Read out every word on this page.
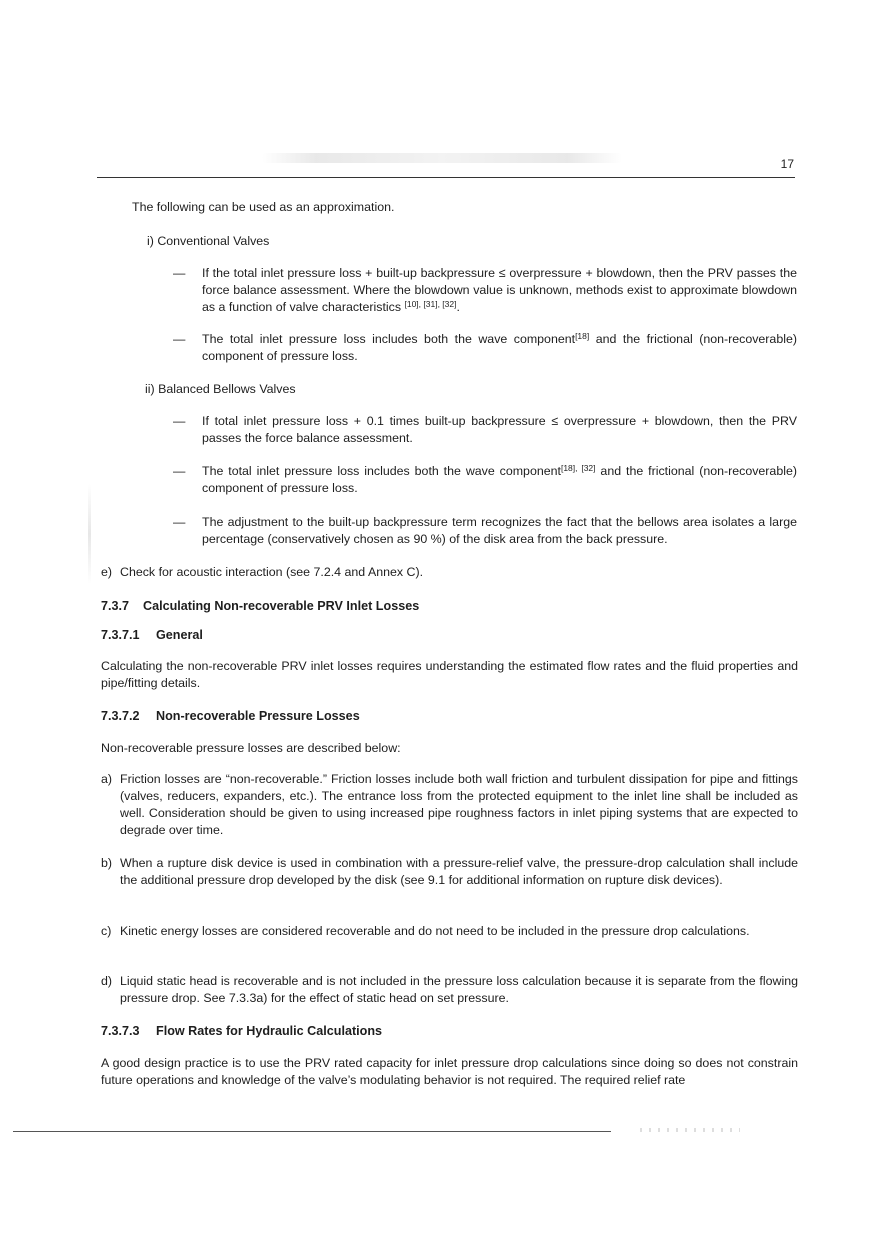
17
The following can be used as an approximation.
i) Conventional Valves
—	If the total inlet pressure loss + built-up backpressure ≤ overpressure + blowdown, then the PRV passes the force balance assessment. Where the blowdown value is unknown, methods exist to approximate blowdown as a function of valve characteristics [10], [31], [32].
—	The total inlet pressure loss includes both the wave component[18] and the frictional (non-recoverable) component of pressure loss.
ii) Balanced Bellows Valves
—	If total inlet pressure loss + 0.1 times built-up backpressure ≤ overpressure + blowdown, then the PRV passes the force balance assessment.
—	The total inlet pressure loss includes both the wave component[18], [32] and the frictional (non-recoverable) component of pressure loss.
—	The adjustment to the built-up backpressure term recognizes the fact that the bellows area isolates a large percentage (conservatively chosen as 90 %) of the disk area from the back pressure.
e) Check for acoustic interaction (see 7.2.4 and Annex C).
7.3.7 Calculating Non-recoverable PRV Inlet Losses
7.3.7.1 General
Calculating the non-recoverable PRV inlet losses requires understanding the estimated flow rates and the fluid properties and pipe/fitting details.
7.3.7.2 Non-recoverable Pressure Losses
Non-recoverable pressure losses are described below:
a) Friction losses are “non-recoverable.” Friction losses include both wall friction and turbulent dissipation for pipe and fittings (valves, reducers, expanders, etc.). The entrance loss from the protected equipment to the inlet line shall be included as well. Consideration should be given to using increased pipe roughness factors in inlet piping systems that are expected to degrade over time.
b) When a rupture disk device is used in combination with a pressure-relief valve, the pressure-drop calculation shall include the additional pressure drop developed by the disk (see 9.1 for additional information on rupture disk devices).
c) Kinetic energy losses are considered recoverable and do not need to be included in the pressure drop calculations.
d) Liquid static head is recoverable and is not included in the pressure loss calculation because it is separate from the flowing pressure drop. See 7.3.3a) for the effect of static head on set pressure.
7.3.7.3 Flow Rates for Hydraulic Calculations
A good design practice is to use the PRV rated capacity for inlet pressure drop calculations since doing so does not constrain future operations and knowledge of the valve’s modulating behavior is not required. The required relief rate
